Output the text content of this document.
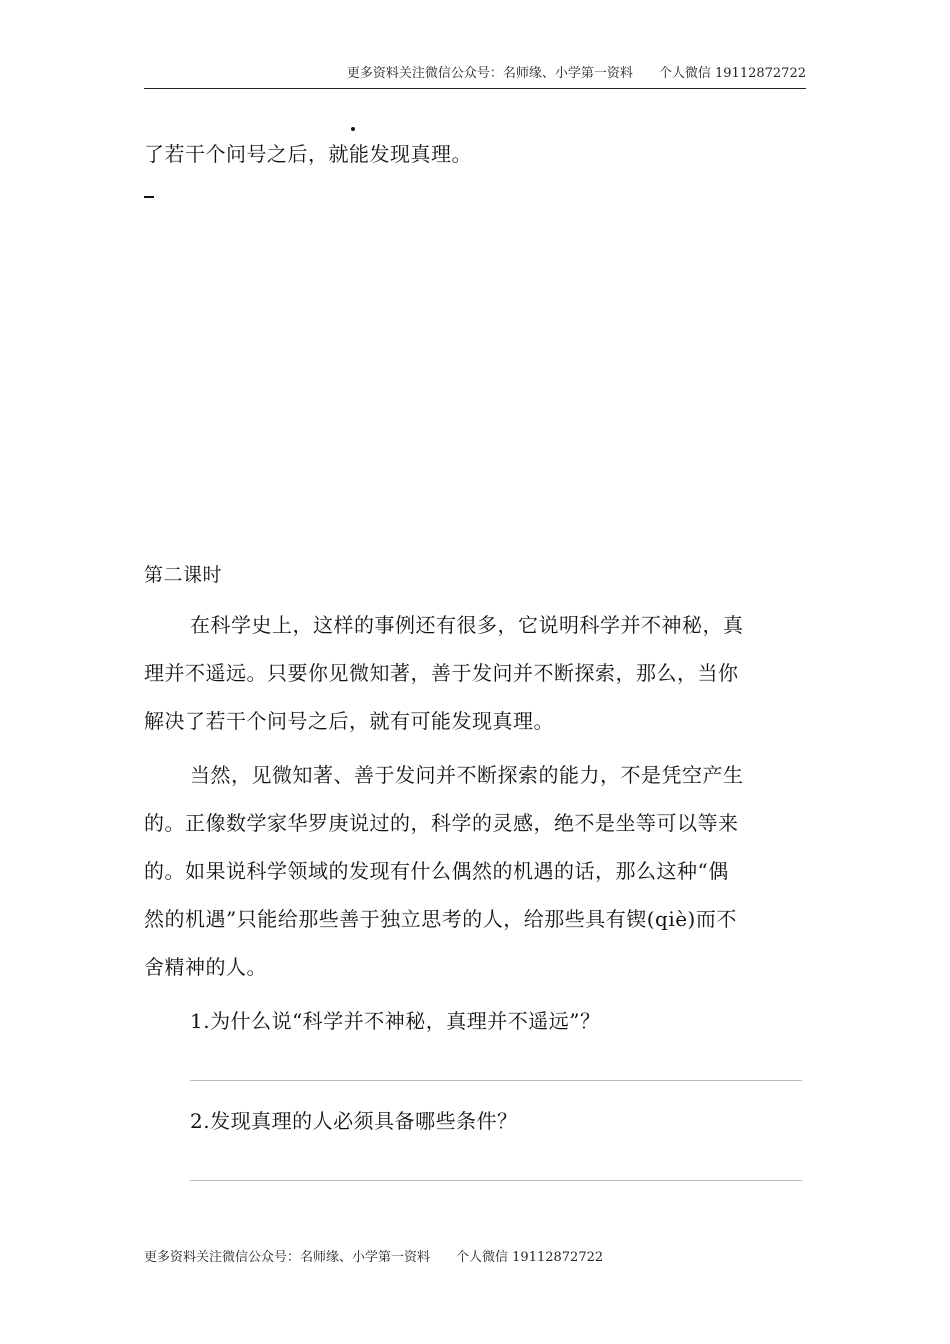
更多资料关注微信公众号：名师缘、小学第一资料 个人微信 19112872722
了若干个问号之后，就能发现真理。
第二课时
在科学史上，这样的事例还有很多，它说明科学并不神秘，真
理并不遥远。只要你见微知著，善于发问并不断探索，那么，当你
解决了若干个问号之后，就有可能发现真理。
当然，见微知著、善于发问并不断探索的能力，不是凭空产生
的。正像数学家华罗庚说过的，科学的灵感，绝不是坐等可以等来
的。如果说科学领域的发现有什么偶然的机遇的话，那么这种“偶
然的机遇”只能给那些善于独立思考的人，给那些具有锲(qiè)而不
舍精神的人。
1.为什么说“科学并不神秘，真理并不遥远”？
2.发现真理的人必须具备哪些条件？
更多资料关注微信公众号：名师缘、小学第一资料 个人微信 19112872722
